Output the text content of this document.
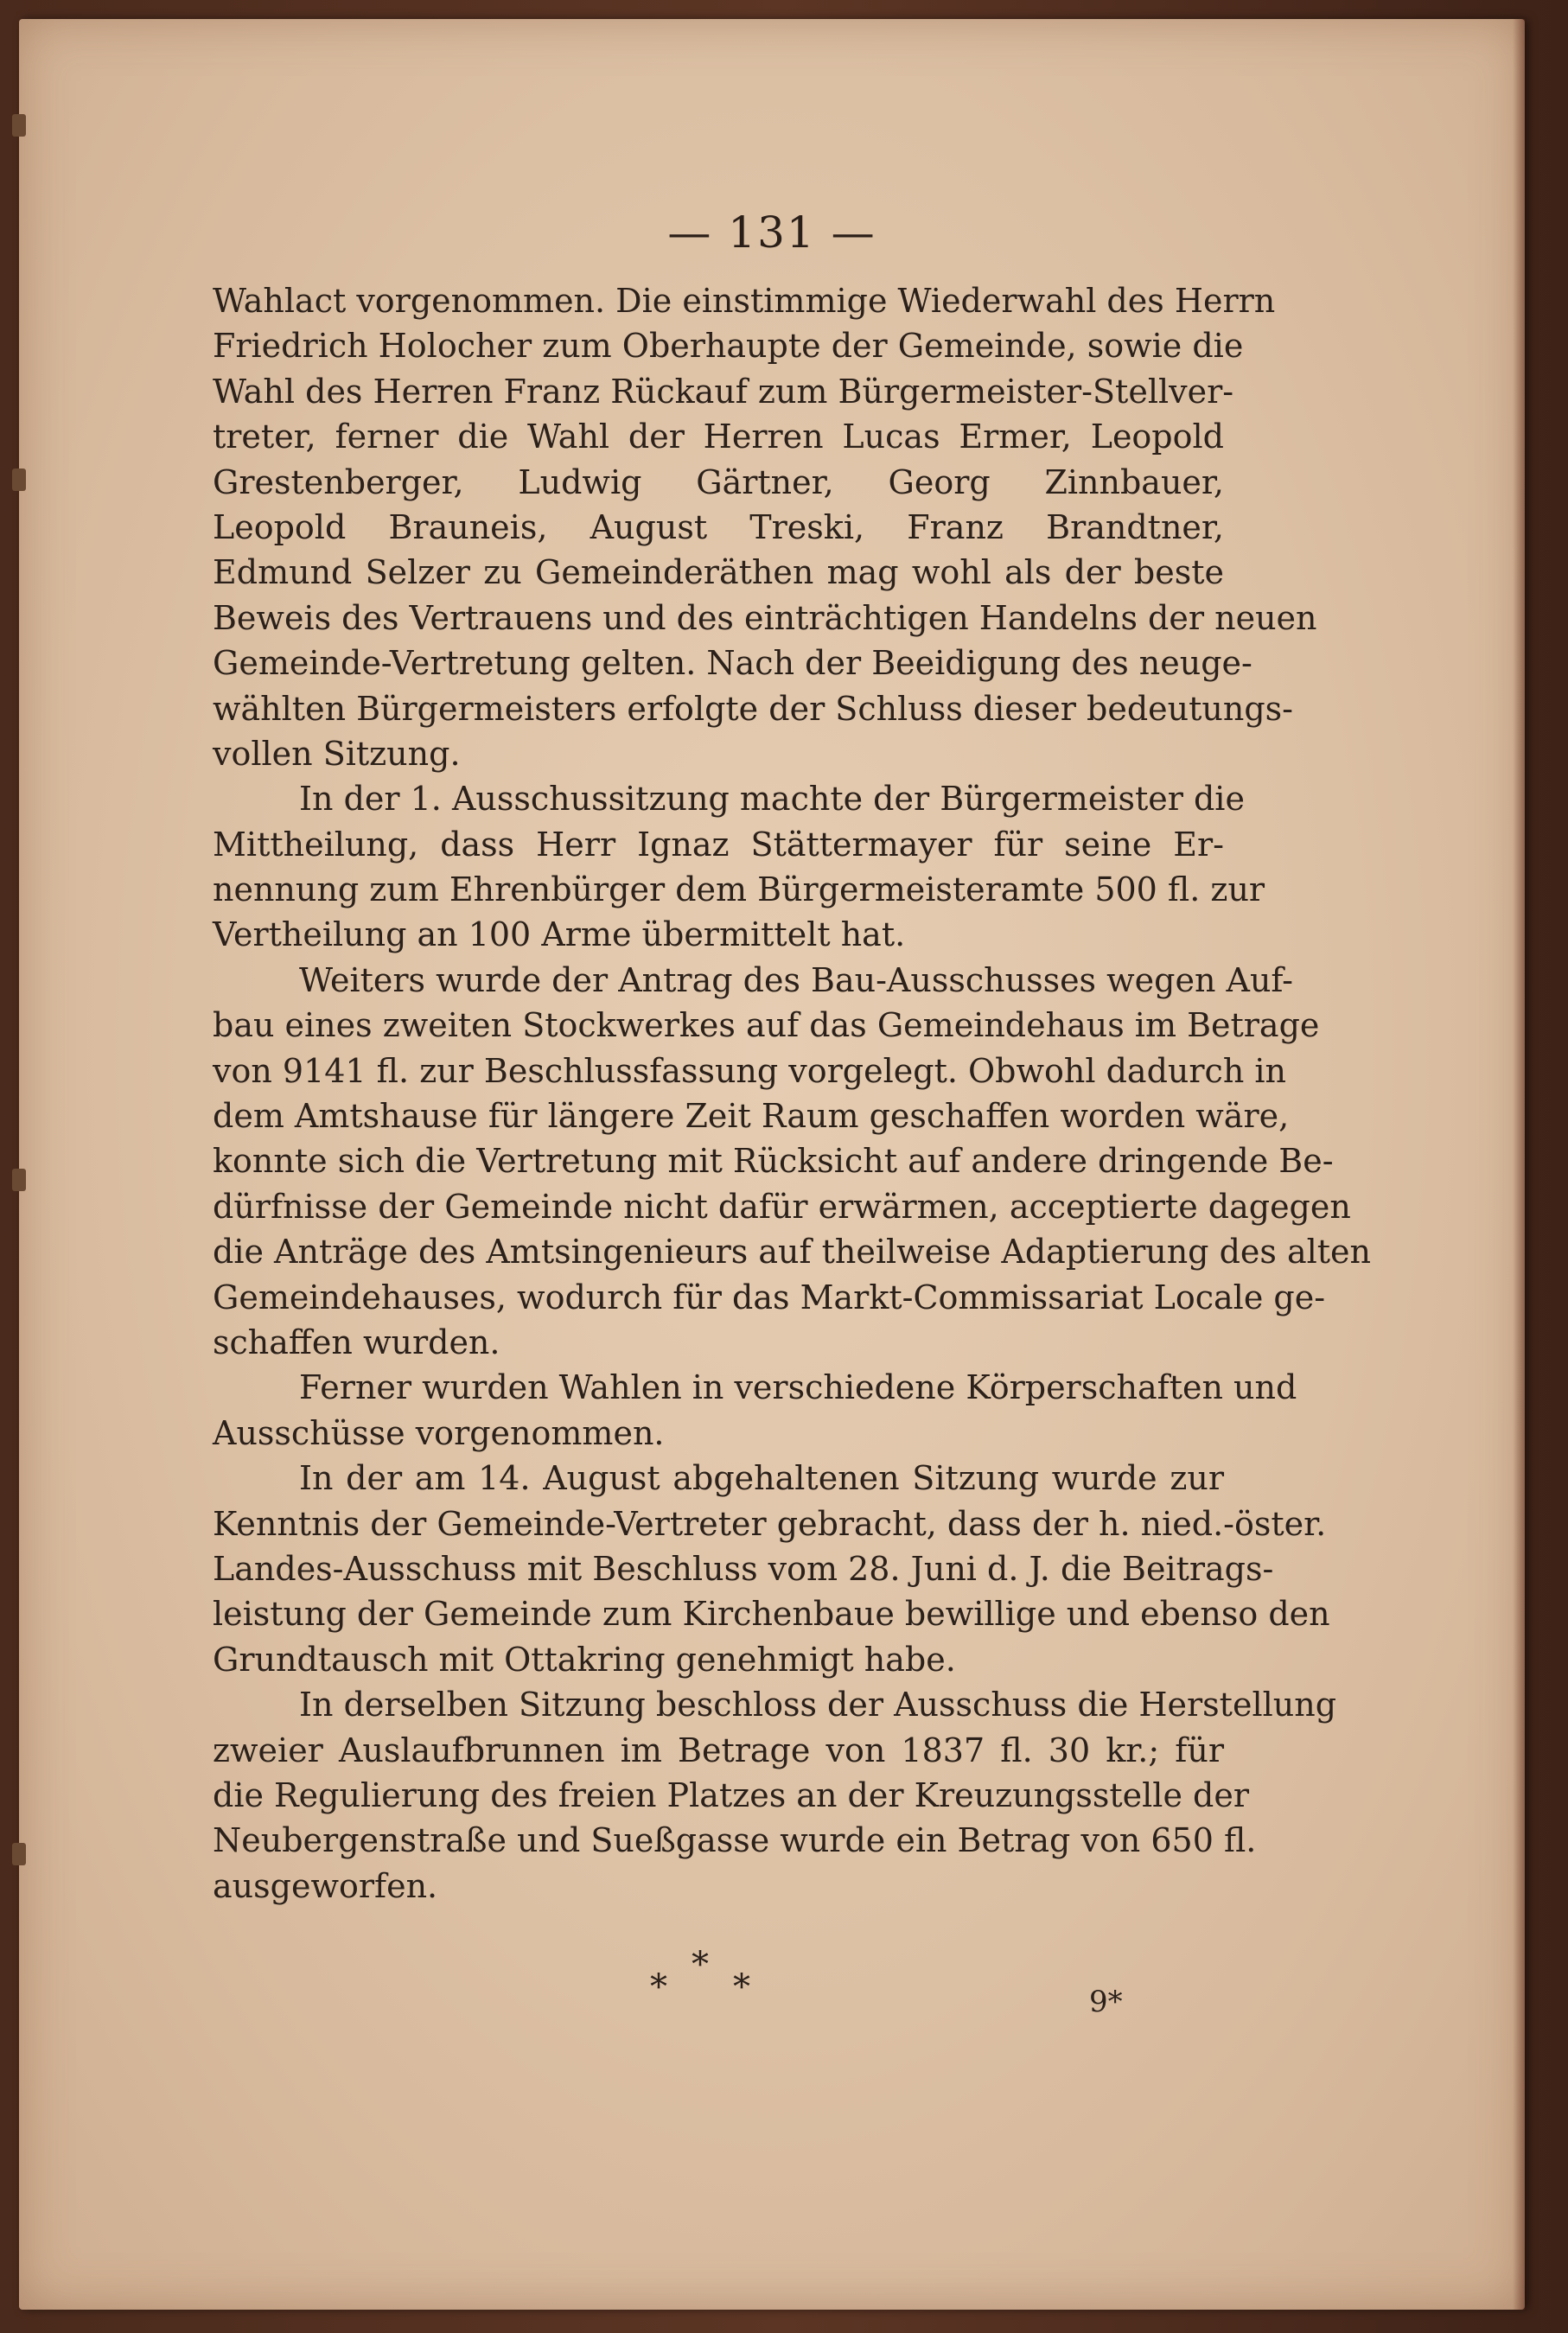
— 131 —
Wahlact vorgenommen. Die einstimmige Wiederwahl des Herrn
Friedrich Holocher zum Oberhaupte der Gemeinde, sowie die
Wahl des Herren Franz Rückauf zum Bürgermeister-Stellver-
treter, ferner die Wahl der Herren Lucas Ermer, Leopold
Grestenberger, Ludwig Gärtner, Georg Zinnbauer,
Leopold Brauneis, August Treski, Franz Brandtner,
Edmund Selzer zu Gemeinderäthen mag wohl als der beste
Beweis des Vertrauens und des einträchtigen Handelns der neuen
Gemeinde-Vertretung gelten. Nach der Beeidigung des neuge-
wählten Bürgermeisters erfolgte der Schluss dieser bedeutungs-
vollen Sitzung.
In der 1. Ausschussitzung machte der Bürgermeister die
Mittheilung, dass Herr Ignaz Stättermayer für seine Er-
nennung zum Ehrenbürger dem Bürgermeisteramte 500 fl. zur
Vertheilung an 100 Arme übermittelt hat.
Weiters wurde der Antrag des Bau-Ausschusses wegen Auf-
bau eines zweiten Stockwerkes auf das Gemeindehaus im Betrage
von 9141 fl. zur Beschlussfassung vorgelegt. Obwohl dadurch in
dem Amtshause für längere Zeit Raum geschaffen worden wäre,
konnte sich die Vertretung mit Rücksicht auf andere dringende Be-
dürfnisse der Gemeinde nicht dafür erwärmen, acceptierte dagegen
die Anträge des Amtsingenieurs auf theilweise Adaptierung des alten
Gemeindehauses, wodurch für das Markt-Commissariat Locale ge-
schaffen wurden.
Ferner wurden Wahlen in verschiedene Körperschaften und
Ausschüsse vorgenommen.
In der am 14. August abgehaltenen Sitzung wurde zur
Kenntnis der Gemeinde-Vertreter gebracht, dass der h. nied.-öster.
Landes-Ausschuss mit Beschluss vom 28. Juni d. J. die Beitrags-
leistung der Gemeinde zum Kirchenbaue bewillige und ebenso den
Grundtausch mit Ottakring genehmigt habe.
In derselben Sitzung beschloss der Ausschuss die Herstellung
zweier Auslaufbrunnen im Betrage von 1837 fl. 30 kr.; für
die Regulierung des freien Platzes an der Kreuzungsstelle der
Neubergenstraße und Sueßgasse wurde ein Betrag von 650 fl.
ausgeworfen.
*
*
*	9*
